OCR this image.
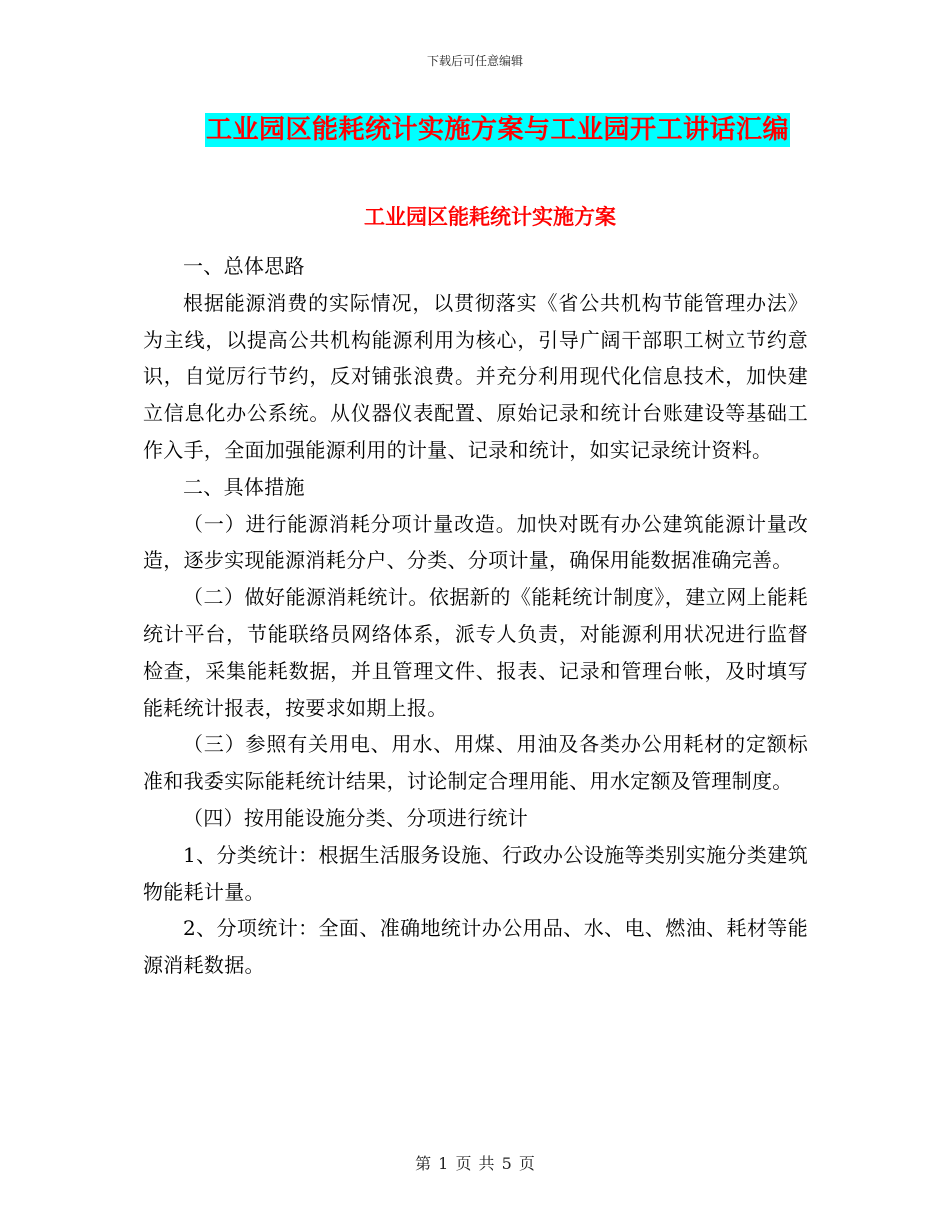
下载后可任意编辑
工业园区能耗统计实施方案与工业园开工讲话汇编
工业园区能耗统计实施方案

一、总体思路

根据能源消费的实际情况，以贯彻落实《省公共机构节能管理办法》为主线，以提高公共机构能源利用为核心，引导广阔干部职工树立节约意识，自觉厉行节约，反对铺张浪费。并充分利用现代化信息技术，加快建立信息化办公系统。从仪器仪表配置、原始记录和统计台账建设等基础工作入手，全面加强能源利用的计量、记录和统计，如实记录统计资料。

二、具体措施

（一）进行能源消耗分项计量改造。加快对既有办公建筑能源计量改造，逐步实现能源消耗分户、分类、分项计量，确保用能数据准确完善。

（二）做好能源消耗统计。依据新的《能耗统计制度》，建立网上能耗统计平台，节能联络员网络体系，派专人负责，对能源利用状况进行监督检查，采集能耗数据，并且管理文件、报表、记录和管理台帐，及时填写能耗统计报表，按要求如期上报。

（三）参照有关用电、用水、用煤、用油及各类办公用耗材的定额标准和我委实际能耗统计结果，讨论制定合理用能、用水定额及管理制度。

（四）按用能设施分类、分项进行统计

1、分类统计：根据生活服务设施、行政办公设施等类别实施分类建筑物能耗计量。

2、分项统计：全面、准确地统计办公用品、水、电、燃油、耗材等能源消耗数据。

第 1 页 共 5 页
